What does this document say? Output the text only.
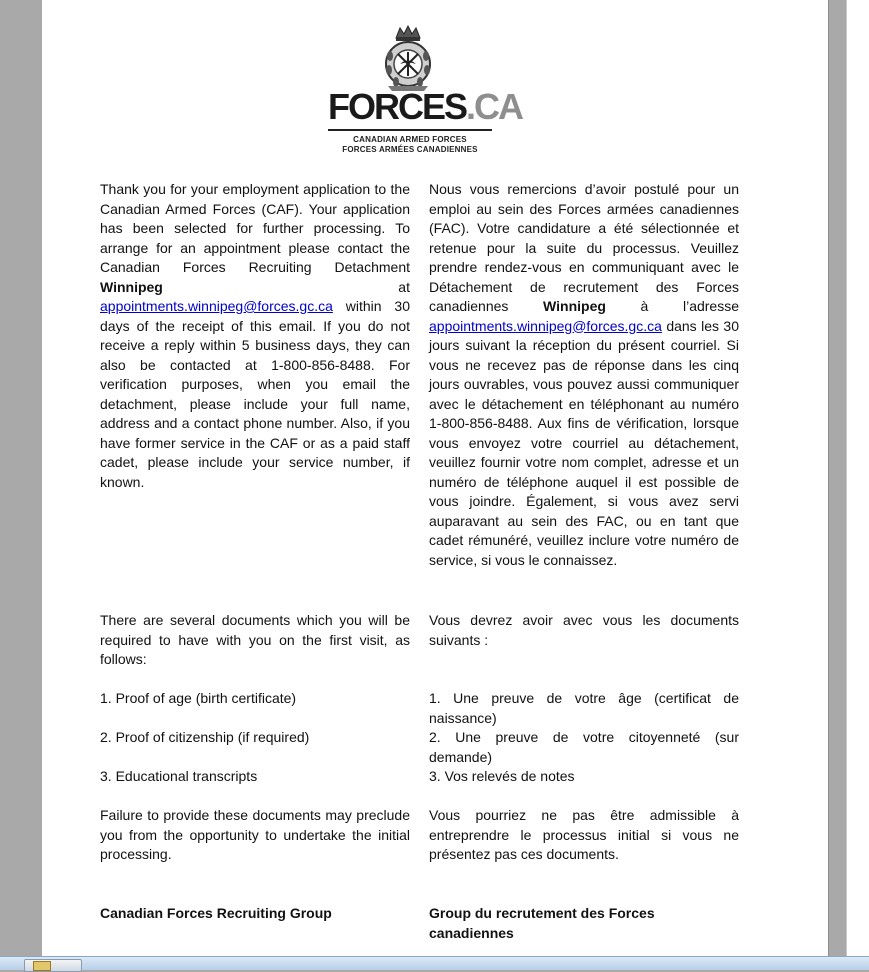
FORCES.CA
CANADIAN ARMED FORCES
FORCES ARMÉES CANADIENNES
Thank you for your employment application to the Canadian Armed Forces (CAF). Your application has been selected for further processing. To arrange for an appointment please contact the Canadian Forces Recruiting Detachment Winnipeg at appointments.winnipeg@forces.gc.ca within 30 days of the receipt of this email. If you do not receive a reply within 5 business days, they can also be contacted at 1-800-856-8488. For verification purposes, when you email the detachment, please include your full name, address and a contact phone number. Also, if you have former service in the CAF or as a paid staff cadet, please include your service number, if known.
There are several documents which you will be required to have with you on the first visit, as follows:
1. Proof of age (birth certificate)
2. Proof of citizenship (if required)
3. Educational transcripts
Failure to provide these documents may preclude you from the opportunity to undertake the initial processing.
Canadian Forces Recruiting Group
Nous vous remercions d’avoir postulé pour un emploi au sein des Forces armées canadiennes (FAC). Votre candidature a été sélectionnée et retenue pour la suite du processus. Veuillez prendre rendez-vous en communiquant avec le Détachement de recrutement des Forces canadiennes Winnipeg à l’adresse appointments.winnipeg@forces.gc.ca dans les 30 jours suivant la réception du présent courriel. Si vous ne recevez pas de réponse dans les cinq jours ouvrables, vous pouvez aussi communiquer avec le détachement en téléphonant au numéro 1-800-856-8488. Aux fins de vérification, lorsque vous envoyez votre courriel au détachement, veuillez fournir votre nom complet, adresse et un numéro de téléphone auquel il est possible de vous joindre. Également, si vous avez servi auparavant au sein des FAC, ou en tant que cadet rémunéré, veuillez inclure votre numéro de service, si vous le connaissez.
Vous devrez avoir avec vous les documents suivants :
1. Une preuve de votre âge (certificat de naissance)
2. Une preuve de votre citoyenneté (sur demande)
3. Vos relevés de notes
Vous pourriez ne pas être admissible à entreprendre le processus initial si vous ne présentez pas ces documents.
Group du recrutement des Forces canadiennes
